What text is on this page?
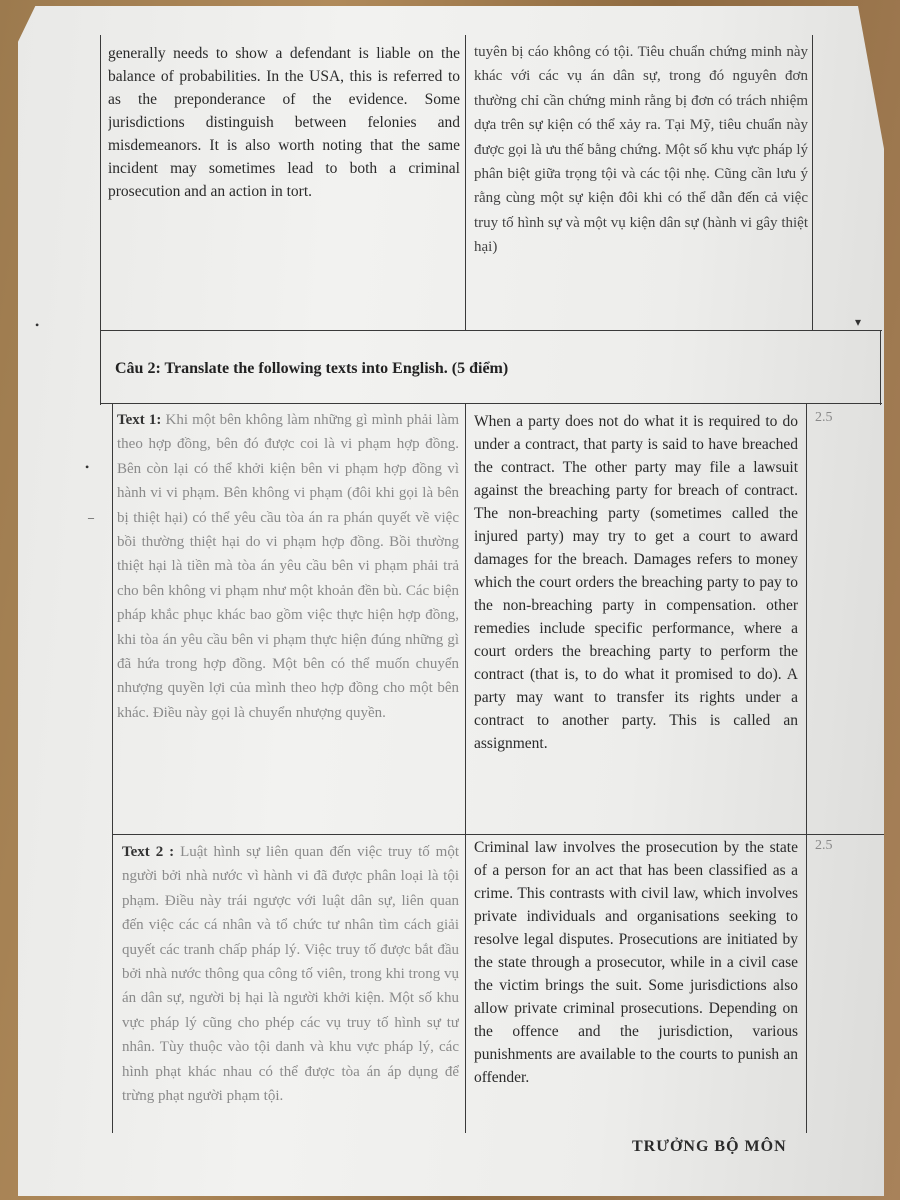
generally needs to show a defendant is liable on the balance of probabilities. In the USA, this is referred to as the preponderance of the evidence. Some jurisdictions distinguish between felonies and misdemeanors. It is also worth noting that the same incident may sometimes lead to both a criminal prosecution and an action in tort.
tuyên bị cáo không có tội. Tiêu chuẩn chứng minh này khác với các vụ án dân sự, trong đó nguyên đơn thường chỉ cần chứng minh rằng bị đơn có trách nhiệm dựa trên sự kiện có thể xảy ra. Tại Mỹ, tiêu chuẩn này được gọi là ưu thế bằng chứng. Một số khu vực pháp lý phân biệt giữa trọng tội và các tội nhẹ. Cũng cần lưu ý rằng cùng một sự kiện đôi khi có thể dẫn đến cả việc truy tố hình sự và một vụ kiện dân sự (hành vi gây thiệt hại)
Câu 2: Translate the following texts into English. (5 điểm)
Text 1: Khi một bên không làm những gì mình phải làm theo hợp đồng, bên đó được coi là vi phạm hợp đồng. Bên còn lại có thể khởi kiện bên vi phạm hợp đồng vì hành vi vi phạm. Bên không vi phạm (đôi khi gọi là bên bị thiệt hại) có thể yêu cầu tòa án ra phán quyết về việc bồi thường thiệt hại do vi phạm hợp đồng. Bồi thường thiệt hại là tiền mà tòa án yêu cầu bên vi phạm phải trả cho bên không vi phạm như một khoản đền bù. Các biện pháp khắc phục khác bao gồm việc thực hiện hợp đồng, khi tòa án yêu cầu bên vi phạm thực hiện đúng những gì đã hứa trong hợp đồng. Một bên có thể muốn chuyển nhượng quyền lợi của mình theo hợp đồng cho một bên khác. Điều này gọi là chuyển nhượng quyền.
When a party does not do what it is required to do under a contract, that party is said to have breached the contract. The other party may file a lawsuit against the breaching party for breach of contract. The non-breaching party (sometimes called the injured party) may try to get a court to award damages for the breach. Damages refers to money which the court orders the breaching party to pay to the non-breaching party in compensation. other remedies include specific performance, where a court orders the breaching party to perform the contract (that is, to do what it promised to do). A party may want to transfer its rights under a contract to another party. This is called an assignment.
2.5
Text 2 : Luật hình sự liên quan đến việc truy tố một người bởi nhà nước vì hành vi đã được phân loại là tội phạm. Điều này trái ngược với luật dân sự, liên quan đến việc các cá nhân và tổ chức tư nhân tìm cách giải quyết các tranh chấp pháp lý. Việc truy tố được bắt đầu bởi nhà nước thông qua công tố viên, trong khi trong vụ án dân sự, người bị hại là người khởi kiện. Một số khu vực pháp lý cũng cho phép các vụ truy tố hình sự tư nhân. Tùy thuộc vào tội danh và khu vực pháp lý, các hình phạt khác nhau có thể được tòa án áp dụng để trừng phạt người phạm tội.
Criminal law involves the prosecution by the state of a person for an act that has been classified as a crime. This contrasts with civil law, which involves private individuals and organisations seeking to resolve legal disputes. Prosecutions are initiated by the state through a prosecutor, while in a civil case the victim brings the suit. Some jurisdictions also allow private criminal prosecutions. Depending on the offence and the jurisdiction, various punishments are available to the courts to punish an offender.
2.5
TRƯỞNG BỘ MÔN
•
•
–
▾
